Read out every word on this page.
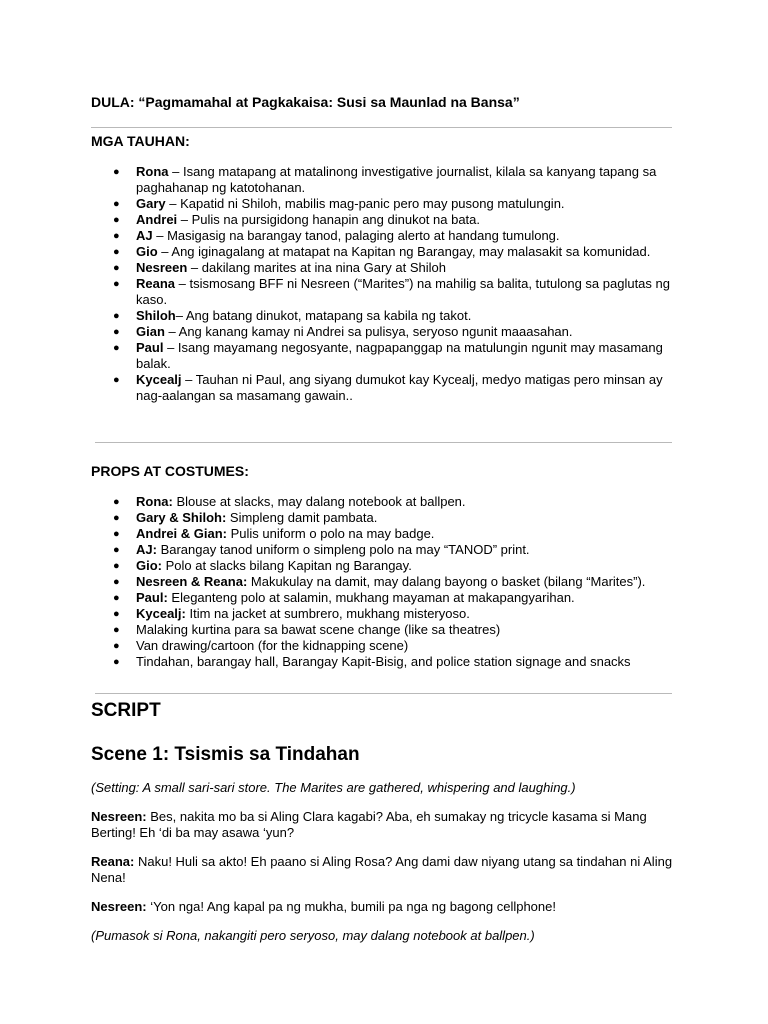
DULA: “Pagmamahal at Pagkakaisa: Susi sa Maunlad na Bansa”
MGA TAUHAN:
● Rona – Isang matapang at matalinong investigative journalist, kilala sa kanyang tapang sa paghahanap ng katotohanan.
● Gary – Kapatid ni Shiloh, mabilis mag-panic pero may pusong matulungin.
● Andrei – Pulis na pursigidong hanapin ang dinukot na bata.
● AJ – Masigasig na barangay tanod, palaging alerto at handang tumulong.
● Gio – Ang iginagalang at matapat na Kapitan ng Barangay, may malasakit sa komunidad.
● Nesreen – dakilang marites at ina nina Gary at Shiloh
● Reana – tsismosang BFF ni Nesreen (“Marites”) na mahilig sa balita, tutulong sa paglutas ng kaso.
● Shiloh– Ang batang dinukot, matapang sa kabila ng takot.
● Gian – Ang kanang kamay ni Andrei sa pulisya, seryoso ngunit maaasahan.
● Paul – Isang mayamang negosyante, nagpapanggap na matulungin ngunit may masamang balak.
● Kycealj – Tauhan ni Paul, ang siyang dumukot kay Kycealj, medyo matigas pero minsan ay nag-aalangan sa masamang gawain..
PROPS AT COSTUMES:
● Rona: Blouse at slacks, may dalang notebook at ballpen.
● Gary & Shiloh: Simpleng damit pambata.
● Andrei & Gian: Pulis uniform o polo na may badge.
● AJ: Barangay tanod uniform o simpleng polo na may “TANOD” print.
● Gio: Polo at slacks bilang Kapitan ng Barangay.
● Nesreen & Reana: Makukulay na damit, may dalang bayong o basket (bilang “Marites”).
● Paul: Eleganteng polo at salamin, mukhang mayaman at makapangyarihan.
● Kycealj: Itim na jacket at sumbrero, mukhang misteryoso.
● Malaking kurtina para sa bawat scene change (like sa theatres)
● Van drawing/cartoon (for the kidnapping scene)
● Tindahan, barangay hall, Barangay Kapit-Bisig, and police station signage and snacks
SCRIPT
Scene 1: Tsismis sa Tindahan

(Setting: A small sari-sari store. The Marites are gathered, whispering and laughing.)

Nesreen: Bes, nakita mo ba si Aling Clara kagabi? Aba, eh sumakay ng tricycle kasama si Mang Berting! Eh ‘di ba may asawa ‘yun?

Reana: Naku! Huli sa akto! Eh paano si Aling Rosa? Ang dami daw niyang utang sa tindahan ni Aling Nena!

Nesreen: ‘Yon nga! Ang kapal pa ng mukha, bumili pa nga ng bagong cellphone!

(Pumasok si Rona, nakangiti pero seryoso, may dalang notebook at ballpen.)
